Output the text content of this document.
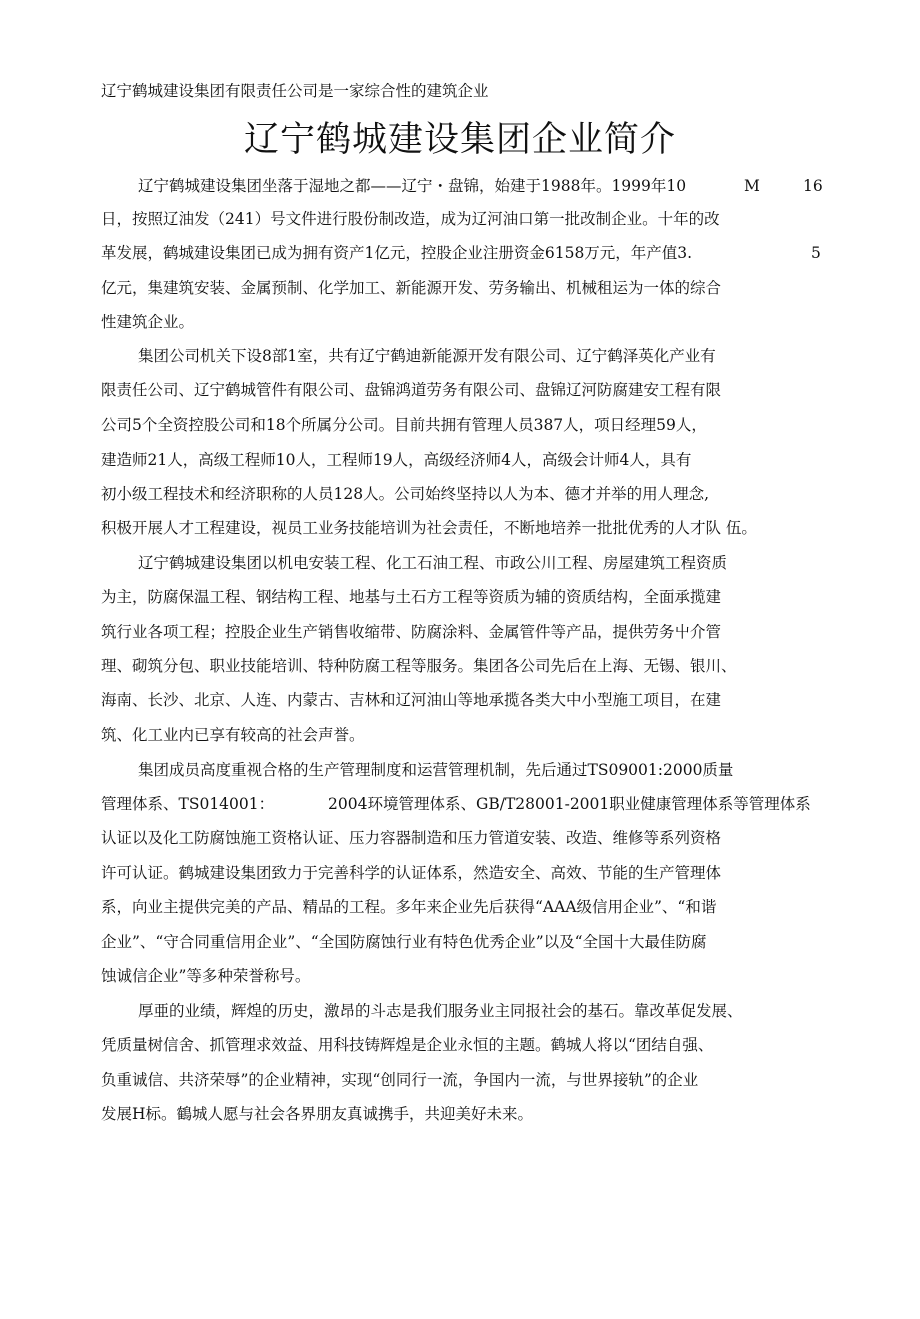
辽宁鹤城建设集团有限责任公司是一家综合性的建筑企业
辽宁鹤城建设集团企业简介
辽宁鹤城建设集团坐落于湿地之都——辽宁・盘锦，始建于1988年。1999年10	M	16
日，按照辽油发（241）号文件进行股份制改造，成为辽河油口第一批改制企业。十年的改
革发展，鹤城建设集团已成为拥有资产1亿元，控股企业注册资金6158万元，年产值3.	5
亿元，集建筑安装、金属预制、化学加工、新能源开发、劳务输出、机械租运为一体的综合
性建筑企业。
集团公司机关下设8部1室，共有辽宁鹤迪新能源开发有限公司、辽宁鹤泽英化产业有
限责任公司、辽宁鹤城管件有限公司、盘锦鸿道劳务有限公司、盘锦辽河防腐建安工程有限
公司5个全资控股公司和18个所属分公司。目前共拥有管理人员387人，项日经理59人，
建造师21人，高级工程师10人，工程师19人，高级经济师4人，高级会计师4人，具有
初小级工程技术和经济职称的人员128人。公司始终坚持以人为本、德才并举的用人理念,
积极开展人才工程建设，视员工业务技能培训为社会责任，不断地培养一批批优秀的人才队 伍。
辽宁鹤城建设集团以机电安装工程、化工石油工程、市政公川工程、房屋建筑工程资质
为主，防腐保温工程、钢结构工程、地基与土石方工程等资质为辅的资质结构，全面承揽建
筑行业各项工程；控股企业生产销售收缩带、防腐涂料、金属管件等产品，提供劳务屮介管
理、砌筑分包、职业技能培训、特种防腐工程等服务。集团各公司先后在上海、无锡、银川、
海南、长沙、北京、人连、内蒙古、吉林和辽河油山等地承揽各类大中小型施工项目，在建
筑、化工业内已享有较高的社会声誉。
集团成员高度重视合格的生产管理制度和运营管理机制，先后通过TS09001:2000质量
管理体系、TS014001：	2004环境管理体系、GB/T28001-2001职业健康管理体系等管理体系
认证以及化工防腐蚀施工资格认证、压力容器制造和压力管道安装、改造、维修等系列资格
许可认证。鹤城建设集团致力于完善科学的认证体系，然造安全、高效、节能的生产管理体
系，向业主提供完美的产品、精品的工程。多年来企业先后获得“AAA级信用企业”、“和谐
企业”、“守合同重信用企业”、“全国防腐蚀行业有特色优秀企业”以及“全国十大最佳防腐
蚀诚信企业”等多种荣誉称号。
厚亜的业绩，辉煌的历史，激昂的斗志是我们服务业主同报社会的基石。靠改革促发展、
凭质量树信舍、抓管理求效益、用科技铸辉煌是企业永恒的主题。鹤城人将以“团结自强、
负重诚信、共济荣辱”的企业精神，实现“创同行一流，争国内一流，与世界接轨”的企业
发展H标。鶴城人愿与社会各界朋友真诚携手，共迎美好未来。
